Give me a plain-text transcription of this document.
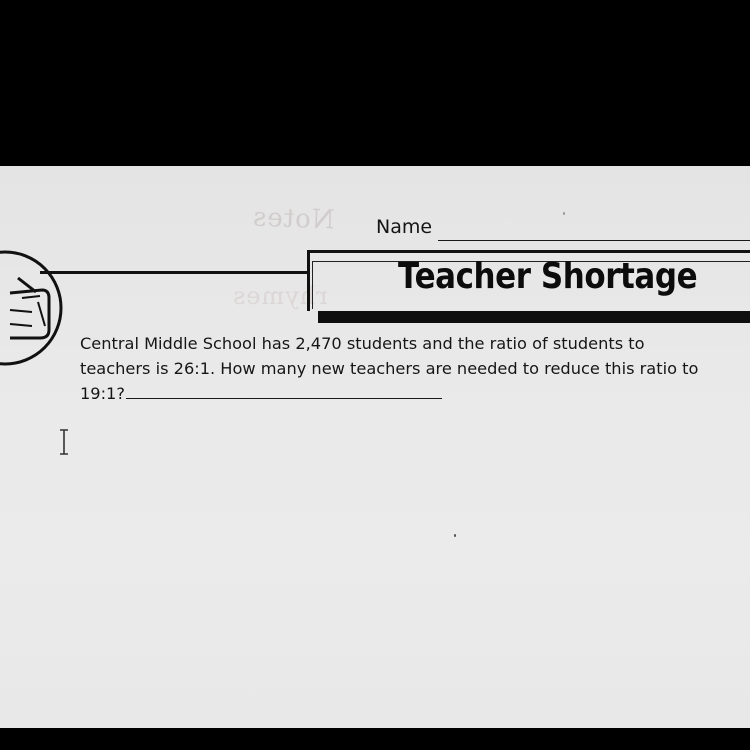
Notes
rhymes
Name
Teacher Shortage
Central Middle School has 2,470 students and the ratio of students to
teachers is 26:1. How many new teachers are needed to reduce this ratio to
19:1?
